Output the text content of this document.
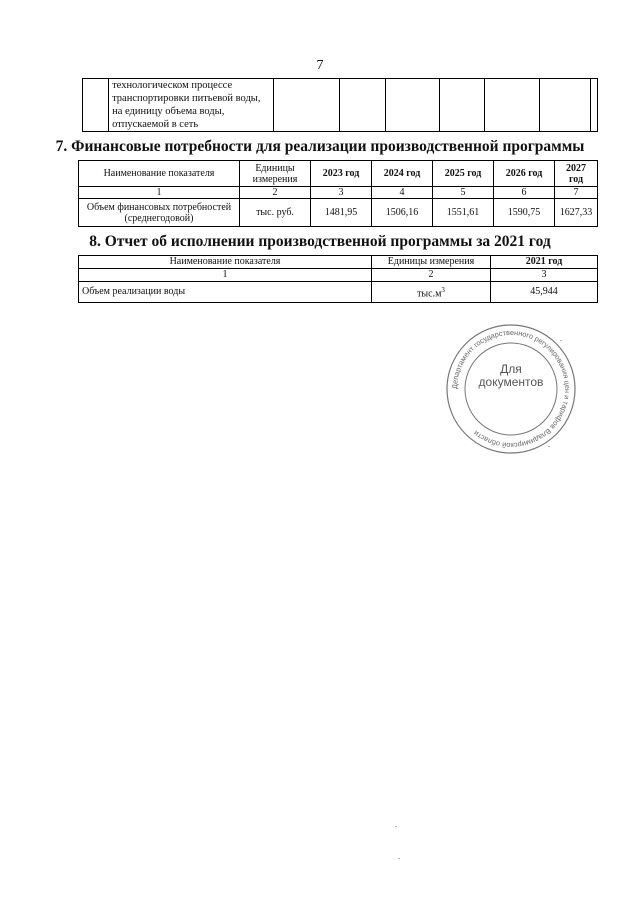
7

технологическом процессе
транспортировки питьевой воды,
на единицу объема воды,
отпускаемой в сеть

7. Финансовые потребности для реализации производственной программы
Наименование показателя	Единицы измерения	2023 год	2024 год	2025 год	2026 год	2027 год
1	2	3	4	5	6	7
Объем финансовых потребностей (среднегодовой)	тыс. руб.	1481,95	1506,16	1551,61	1590,75	1627,33
8. Отчет об исполнении производственной программы за 2021 год
Наименование показателя	Единицы измерения	2021 год
1	2	3
Объем реализации воды	$тыс.м^3$	45,944
Департамент государственного регулирования цен и тарифов Владимирской области
Для
документов
